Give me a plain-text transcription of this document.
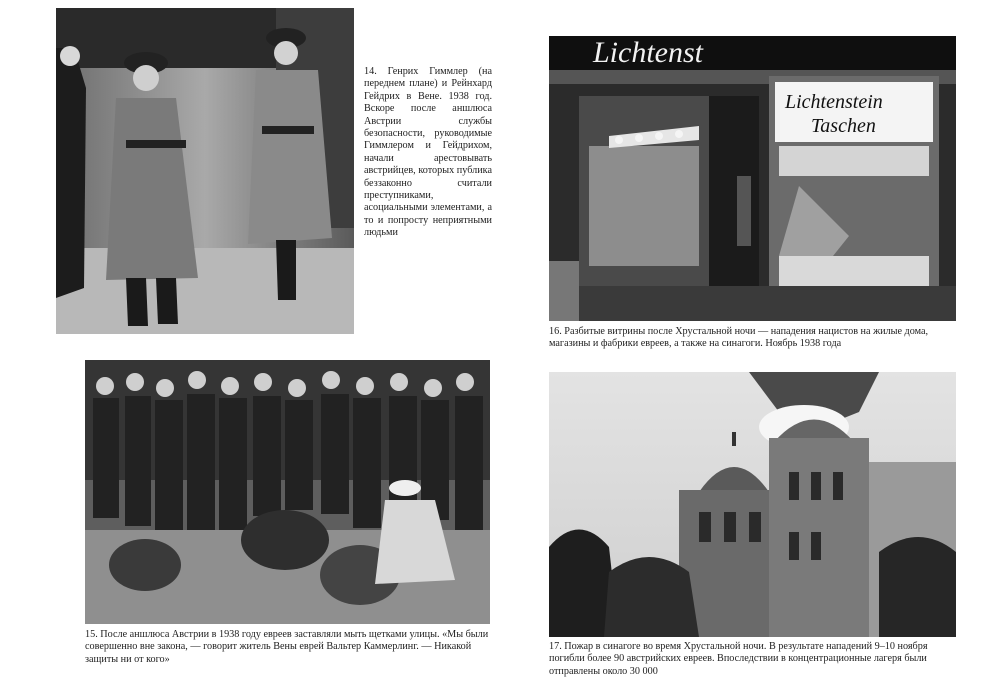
14. Генрих Гиммлер (на переднем плане) и Рейнхард Гейдрих в Вене. 1938 год. Вскоре после аншлюса Австрии службы безопасности, руководимые Гиммлером и Гейдрихом, начали арестовывать австрийцев, которых публика беззаконно считали преступниками, асоциальными элементами, а то и попросту неприятными людьми
Lichtenst
Lichtenstein
Taschen
16. Разбитые витрины после Хрустальной ночи — нападения нацистов на жилые дома, магазины и фабрики евреев, а также на синагоги. Ноябрь 1938 года
15. После аншлюса Австрии в 1938 году евреев заставляли мыть щетками улицы. «Мы были совершенно вне закона, — говорит житель Вены еврей Вальтер Каммерлинг. — Никакой защиты ни от кого»
17. Пожар в синагоге во время Хрустальной ночи. В результате нападений 9–10 ноября погибли более 90 австрийских евреев. Впоследствии в концентрационные лагеря были отправлены около 30 000
